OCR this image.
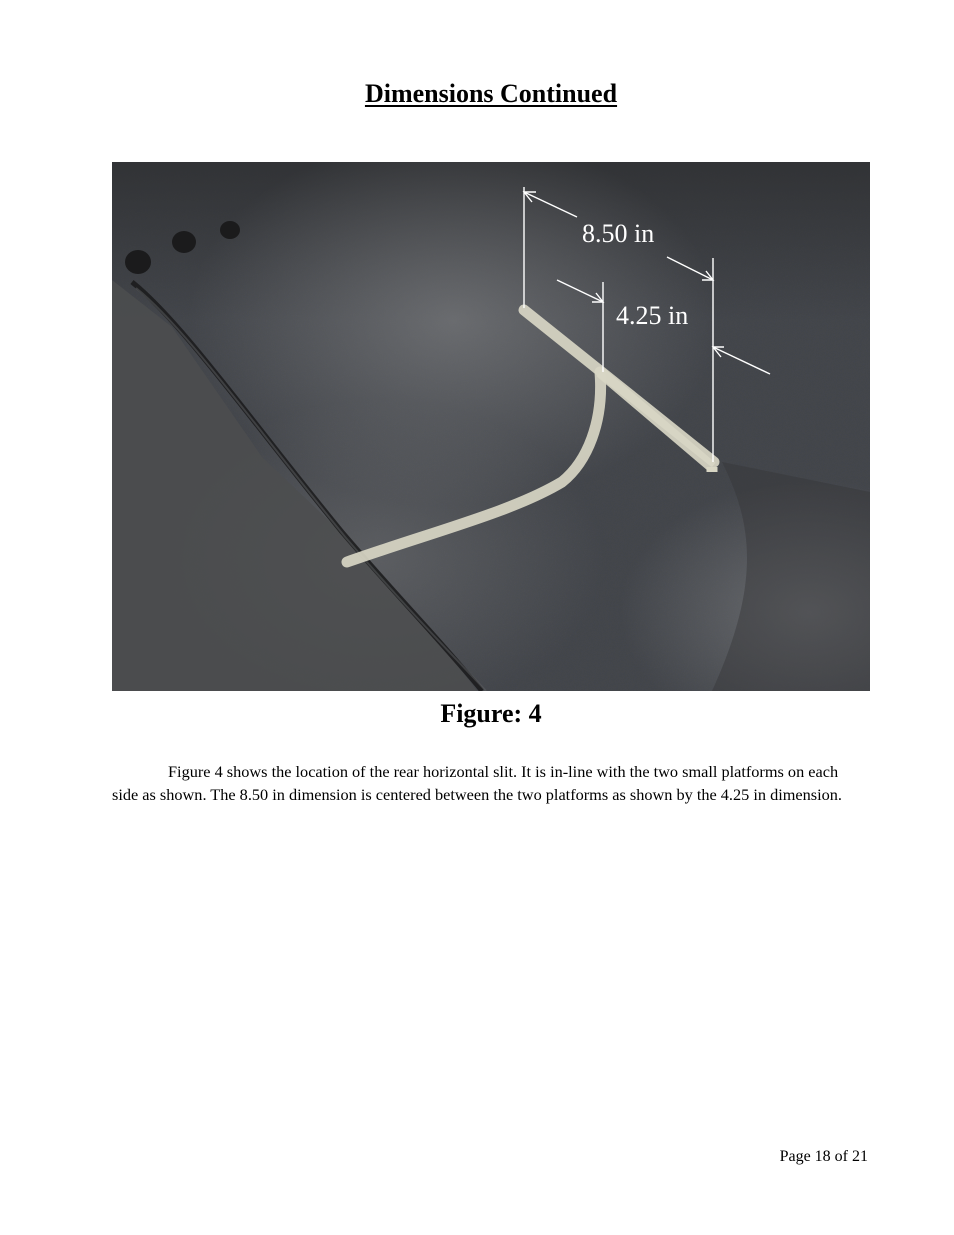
Dimensions Continued
8.50 in
4.25 in

Figure: 4

Figure 4 shows the location of the rear horizontal slit. It is in-line with the two small platforms on each side as shown. The 8.50 in dimension is centered between the two platforms as shown by the 4.25 in dimension.

Page 18 of 21
